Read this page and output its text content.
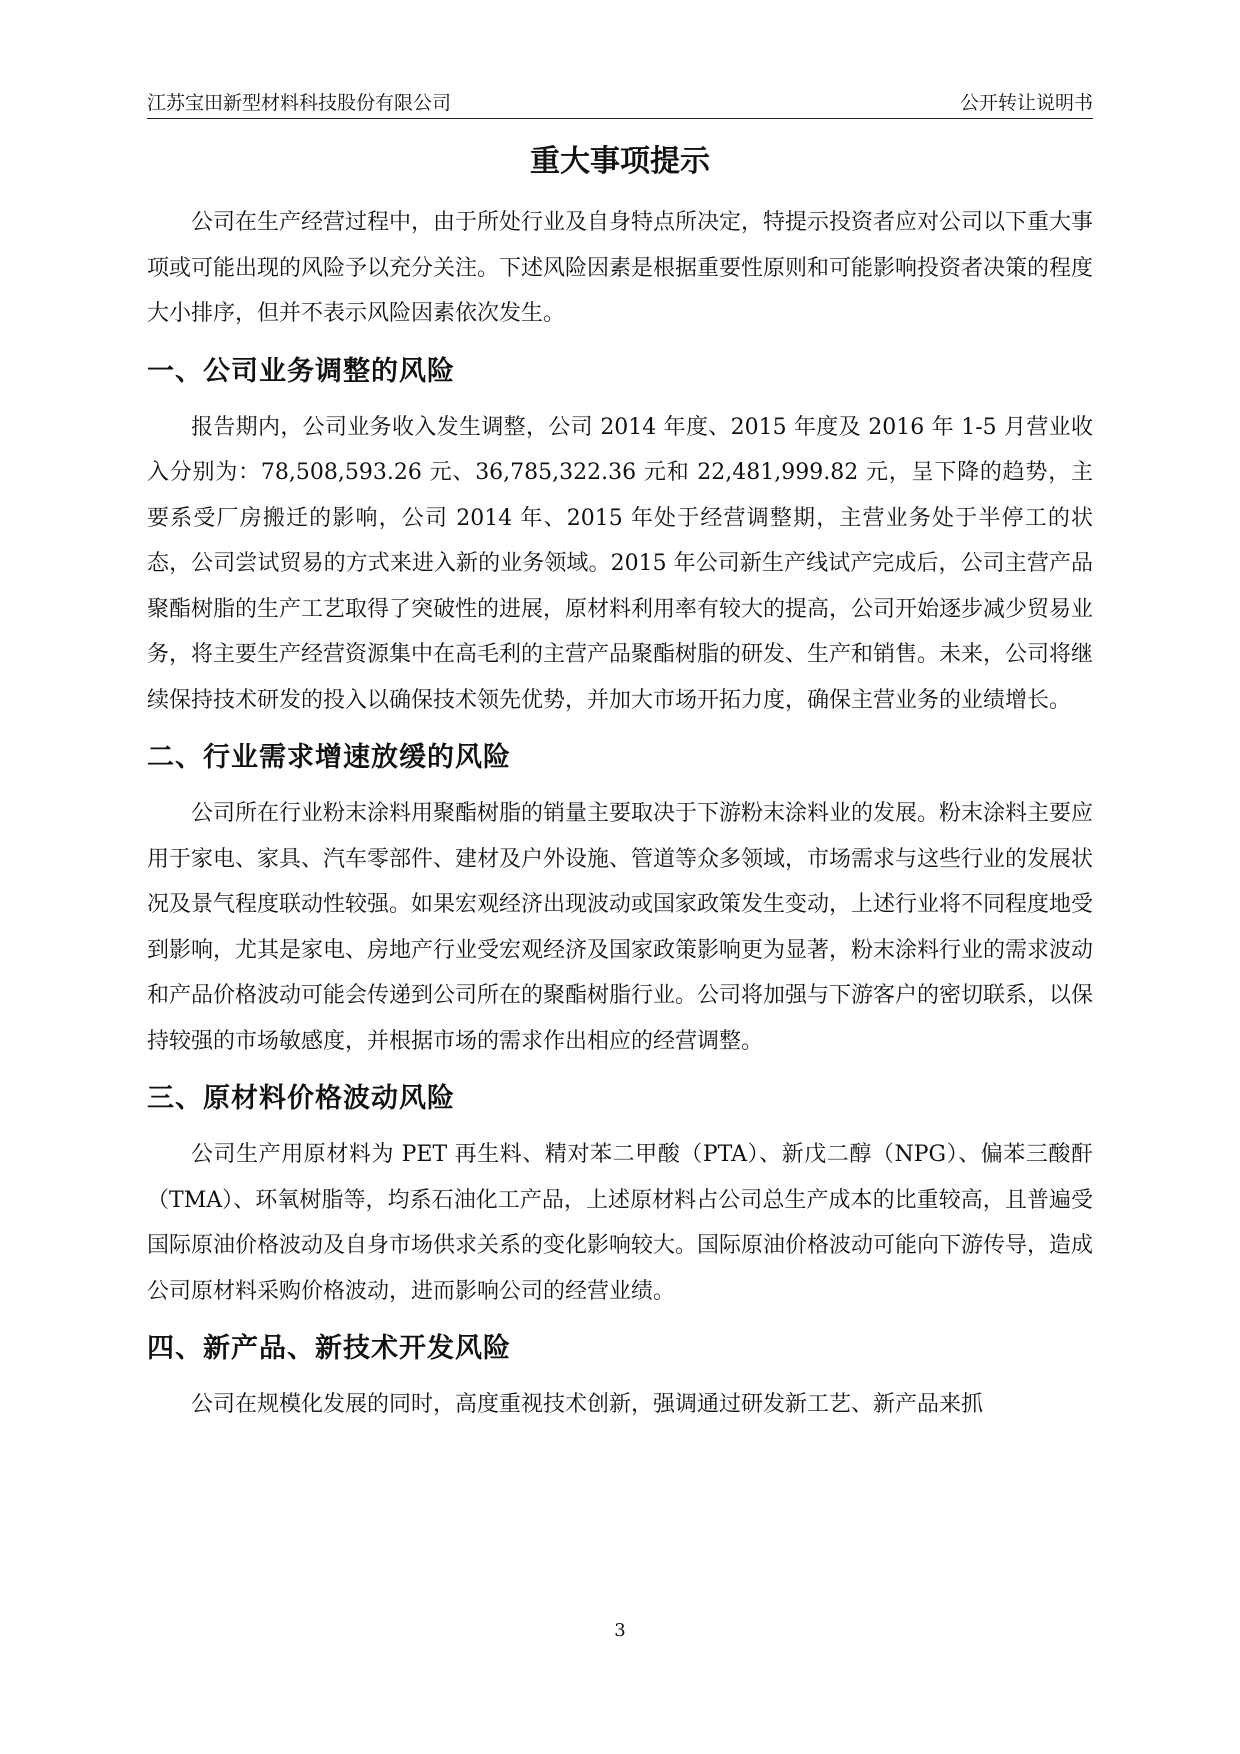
江苏宝田新型材料科技股份有限公司	公开转让说明书
重大事项提示

公司在生产经营过程中，由于所处行业及自身特点所决定，特提示投资者应对公司以下重大事项或可能出现的风险予以充分关注。下述风险因素是根据重要性原则和可能影响投资者决策的程度大小排序，但并不表示风险因素依次发生。

一、公司业务调整的风险

报告期内，公司业务收入发生调整，公司 2014 年度、2015 年度及 2016 年 1-5 月营业收入分别为：78,508,593.26 元、36,785,322.36 元和 22,481,999.82 元，呈下降的趋势，主要系受厂房搬迁的影响，公司 2014 年、2015 年处于经营调整期，主营业务处于半停工的状态，公司尝试贸易的方式来进入新的业务领域。2015 年公司新生产线试产完成后，公司主营产品聚酯树脂的生产工艺取得了突破性的进展，原材料利用率有较大的提高，公司开始逐步减少贸易业务，将主要生产经营资源集中在高毛利的主营产品聚酯树脂的研发、生产和销售。未来，公司将继续保持技术研发的投入以确保技术领先优势，并加大市场开拓力度，确保主营业务的业绩增长。

二、行业需求增速放缓的风险

公司所在行业粉末涂料用聚酯树脂的销量主要取决于下游粉末涂料业的发展。粉末涂料主要应用于家电、家具、汽车零部件、建材及户外设施、管道等众多领域，市场需求与这些行业的发展状况及景气程度联动性较强。如果宏观经济出现波动或国家政策发生变动，上述行业将不同程度地受到影响，尤其是家电、房地产行业受宏观经济及国家政策影响更为显著，粉末涂料行业的需求波动和产品价格波动可能会传递到公司所在的聚酯树脂行业。公司将加强与下游客户的密切联系，以保持较强的市场敏感度，并根据市场的需求作出相应的经营调整。

三、原材料价格波动风险

公司生产用原材料为 PET 再生料、精对苯二甲酸（PTA）、新戊二醇（NPG）、偏苯三酸酐（TMA）、环氧树脂等，均系石油化工产品，上述原材料占公司总生产成本的比重较高，且普遍受国际原油价格波动及自身市场供求关系的变化影响较大。国际原油价格波动可能向下游传导，造成公司原材料采购价格波动，进而影响公司的经营业绩。

四、新产品、新技术开发风险

公司在规模化发展的同时，高度重视技术创新，强调通过研发新工艺、新产品来抓

3
